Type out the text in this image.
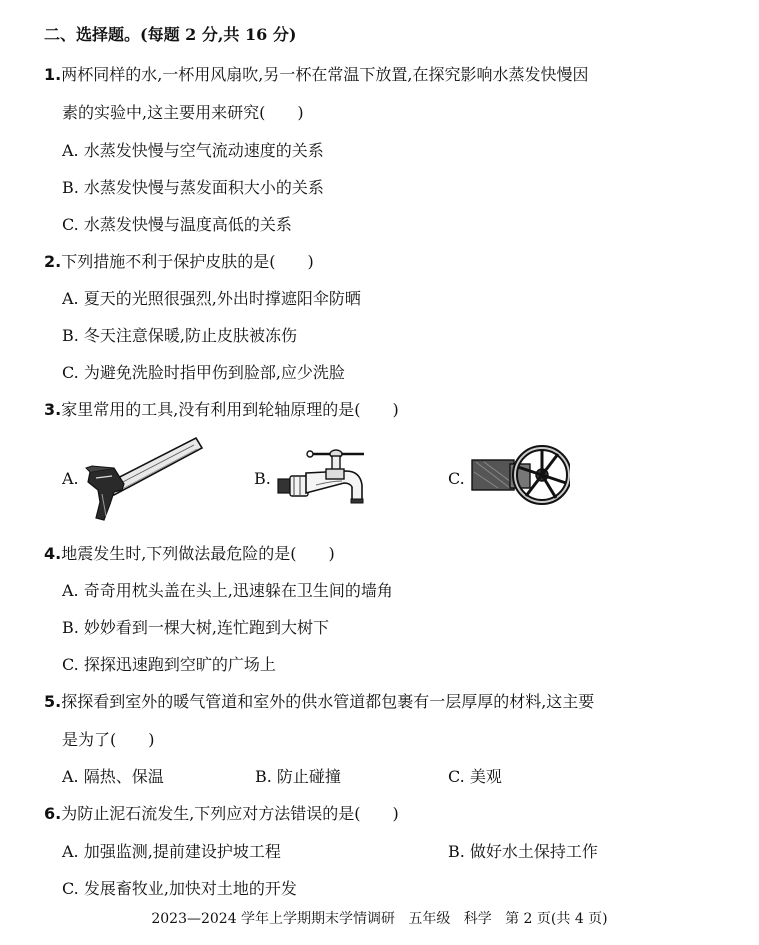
二、选择题。(每题 2 分,共 16 分)
1.两杯同样的水,一杯用风扇吹,另一杯在常温下放置,在探究影响水蒸发快慢因
素的实验中,这主要用来研究(　　)
A. 水蒸发快慢与空气流动速度的关系
B. 水蒸发快慢与蒸发面积大小的关系
C. 水蒸发快慢与温度高低的关系
2.下列措施不利于保护皮肤的是(　　)
A. 夏天的光照很强烈,外出时撑遮阳伞防晒
B. 冬天注意保暖,防止皮肤被冻伤
C. 为避免洗脸时指甲伤到脸部,应少洗脸
3.家里常用的工具,没有利用到轮轴原理的是(　　)
A.	B.	C.
4.地震发生时,下列做法最危险的是(　　)
A. 奇奇用枕头盖在头上,迅速躲在卫生间的墙角
B. 妙妙看到一棵大树,连忙跑到大树下
C. 探探迅速跑到空旷的广场上
5.探探看到室外的暖气管道和室外的供水管道都包裹有一层厚厚的材料,这主要
是为了(　　)
A. 隔热、保温	B. 防止碰撞	C. 美观
6.为防止泥石流发生,下列应对方法错误的是(　　)
A. 加强监测,提前建设护坡工程	B. 做好水土保持工作
C. 发展畜牧业,加快对土地的开发
2023—2024 学年上学期期末学情调研   五年级   科学   第 2 页(共 4 页)
